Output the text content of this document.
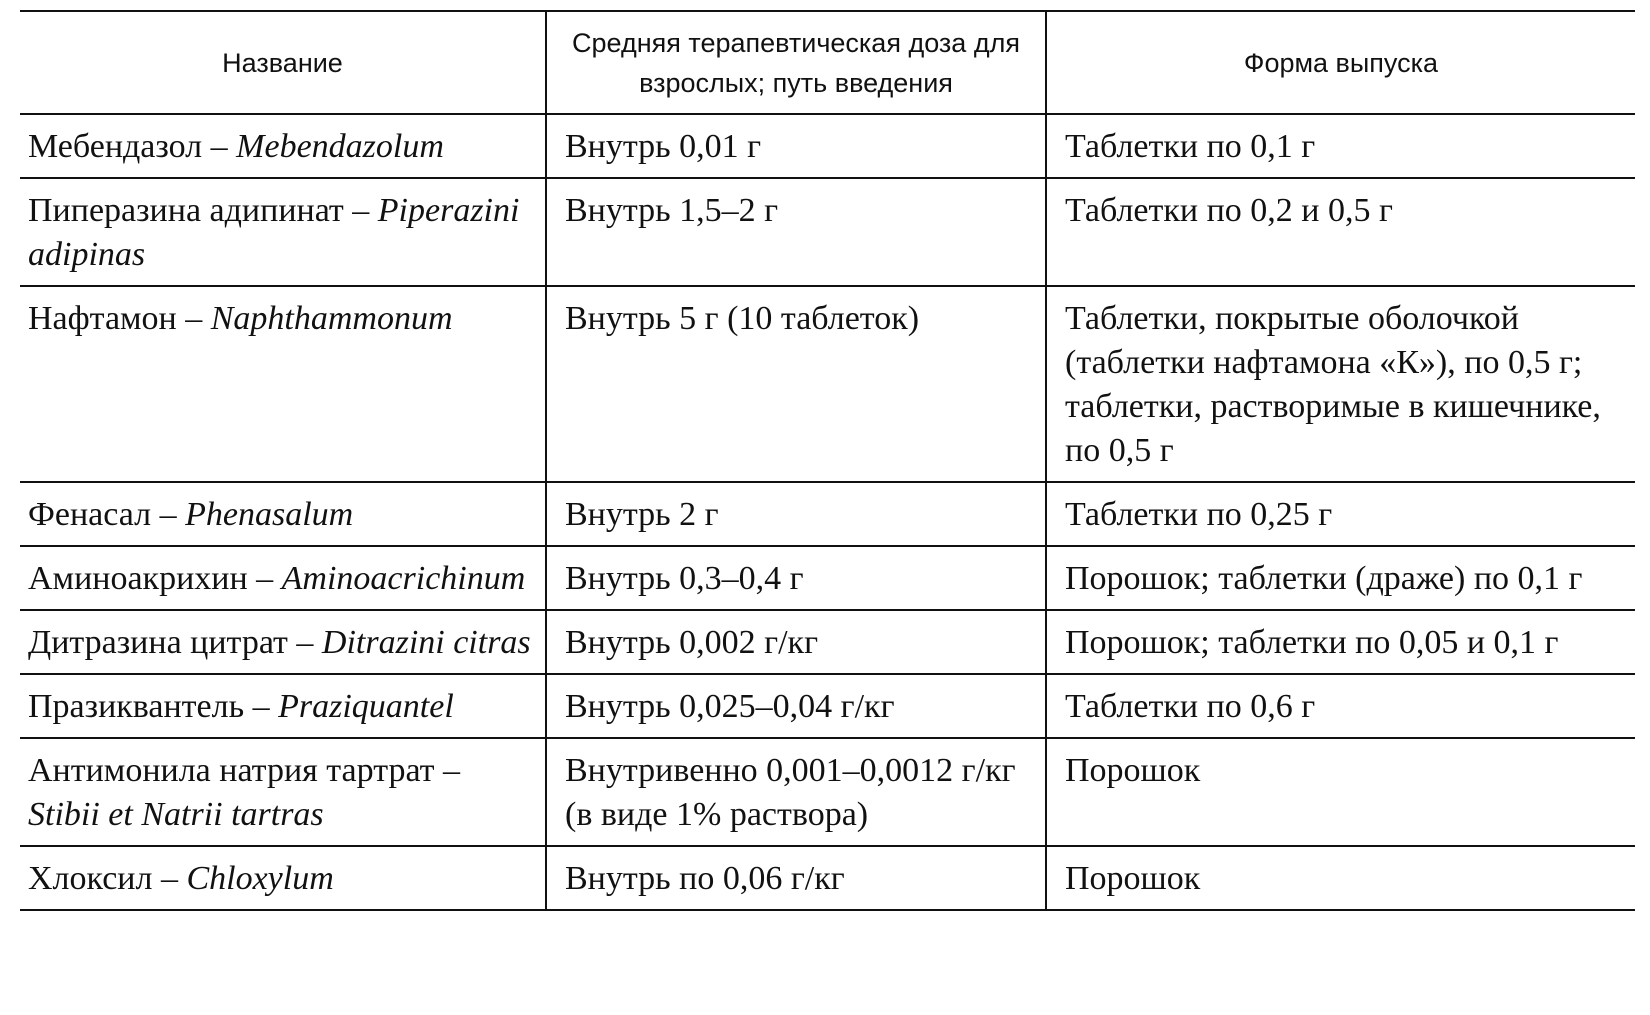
Название	Средняя терапевтическая доза для взрослых; путь введения	Форма выпуска
Мебендазол – Mebendazolum	Внутрь 0,01 г	Таблетки по 0,1 г
Пиперазина адипинат – Piperazini adipinas	Внутрь 1,5–2 г	Таблетки по 0,2 и 0,5 г
Нафтамон – Naphthammonum	Внутрь 5 г (10 таблеток)	Таблетки, покрытые оболочкой (таблетки нафтамона «К»), по 0,5 г; таблетки, растворимые в кишечнике, по 0,5 г
Фенасал – Phenasalum	Внутрь 2 г	Таблетки по 0,25 г
Аминоакрихин – Aminoacrichinum	Внутрь 0,3–0,4 г	Порошок; таблетки (драже) по 0,1 г
Дитразина цитрат – Ditrazini citras	Внутрь 0,002 г/кг	Порошок; таблетки по 0,05 и 0,1 г
Празиквантель – Praziquantel	Внутрь 0,025–0,04 г/кг	Таблетки по 0,6 г
Антимонила натрия тартрат – Stibii et Natrii tartras	Внутривенно 0,001–0,0012 г/кг (в виде 1% раствора)	Порошок
Хлоксил – Chloxylum	Внутрь по 0,06 г/кг	Порошок
